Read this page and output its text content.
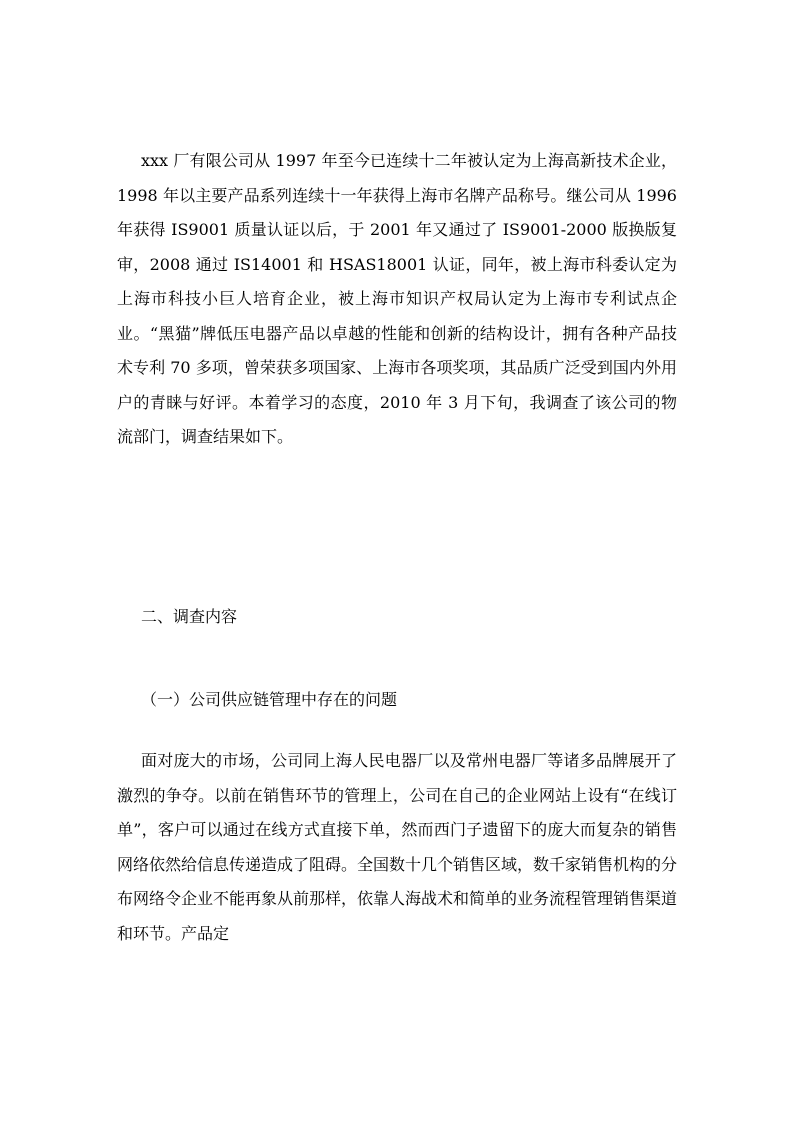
xxx 厂有限公司从 1997 年至今已连续十二年被认定为上海高新技术企业，1998 年以主要产品系列连续十一年获得上海市名牌产品称号。继公司从 1996 年获得 IS9001 质量认证以后，于 2001 年又通过了 IS9001-2000 版换版复审，2008 通过 IS14001 和 HSAS18001 认证，同年，被上海市科委认定为上海市科技小巨人培育企业，被上海市知识产权局认定为上海市专利试点企业。“黑猫”牌低压电器产品以卓越的性能和创新的结构设计，拥有各种产品技术专利 70 多项，曾荣获多项国家、上海市各项奖项，其品质广泛受到国内外用户的青睐与好评。本着学习的态度，2010 年 3 月下旬，我调查了该公司的物流部门，调查结果如下。

二、调查内容

（一）公司供应链管理中存在的问题

面对庞大的市场，公司同上海人民电器厂以及常州电器厂等诸多品牌展开了激烈的争夺。以前在销售环节的管理上，公司在自己的企业网站上设有“在线订单”，客户可以通过在线方式直接下单，然而西门子遗留下的庞大而复杂的销售网络依然给信息传递造成了阻碍。全国数十几个销售区域，数千家销售机构的分布网络令企业不能再象从前那样，依靠人海战术和简单的业务流程管理销售渠道和环节。产品定
